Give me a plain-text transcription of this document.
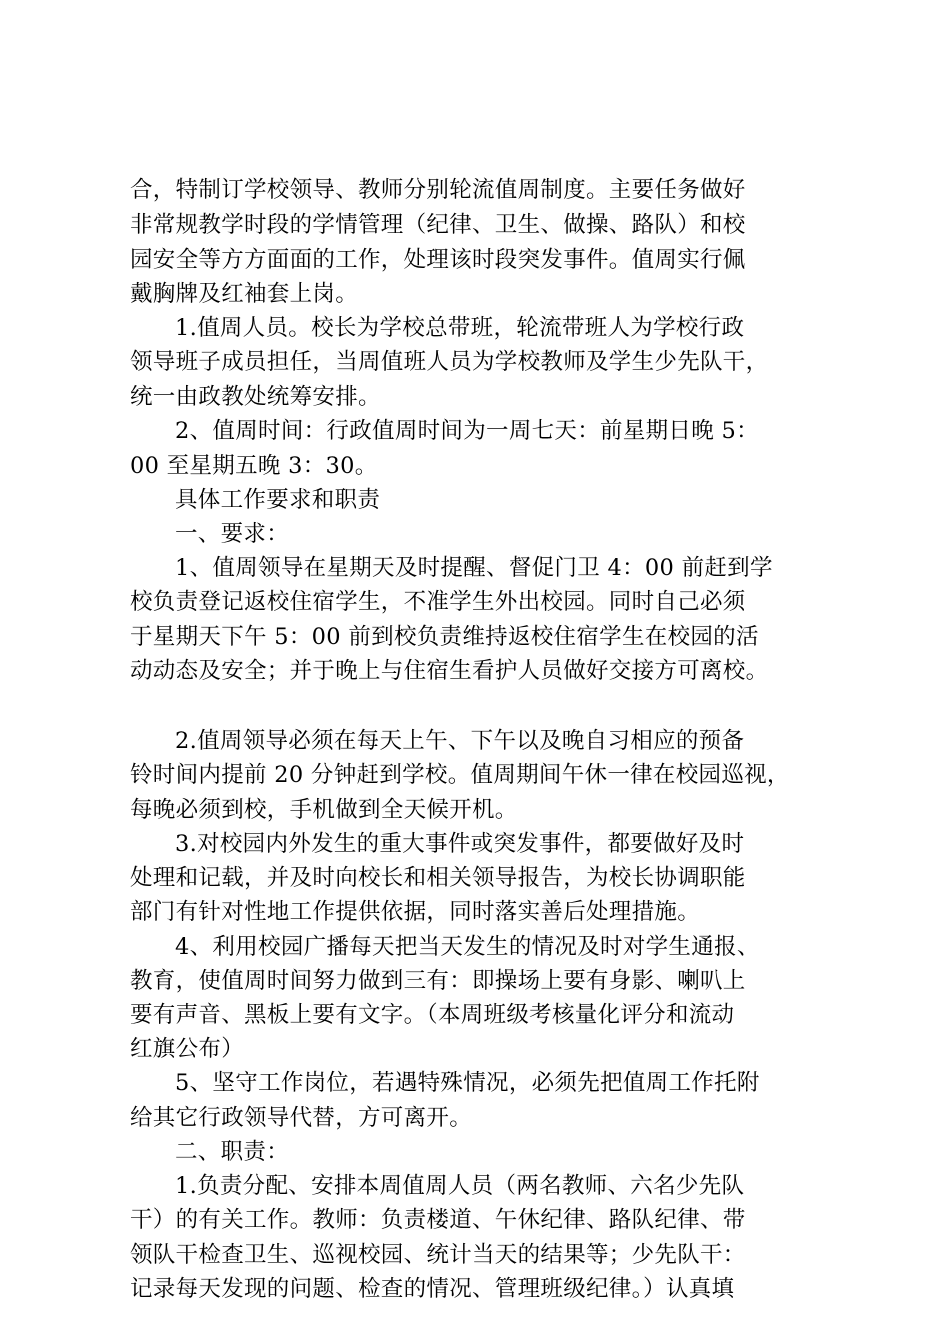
合，特制订学校领导、教师分别轮流值周制度。主要任务做好
非常规教学时段的学情管理（纪律、卫生、做操、路队）和校
园安全等方方面面的工作，处理该时段突发事件。值周实行佩
戴胸牌及红袖套上岗。
1.值周人员。校长为学校总带班，轮流带班人为学校行政
领导班子成员担任，当周值班人员为学校教师及学生少先队干，
统一由政教处统筹安排。
2、值周时间：行政值周时间为一周七天：前星期日晚 5：
00 至星期五晚 3：30。
具体工作要求和职责
一、要求：
1、值周领导在星期天及时提醒、督促门卫 4：00 前赶到学
校负责登记返校住宿学生，不准学生外出校园。同时自己必须
于星期天下午 5：00 前到校负责维持返校住宿学生在校园的活
动动态及安全；并于晚上与住宿生看护人员做好交接方可离校。
2.值周领导必须在每天上午、下午以及晚自习相应的预备
铃时间内提前 20 分钟赶到学校。值周期间午休一律在校园巡视，
每晚必须到校，手机做到全天候开机。
3.对校园内外发生的重大事件或突发事件，都要做好及时
处理和记载，并及时向校长和相关领导报告，为校长协调职能
部门有针对性地工作提供依据，同时落实善后处理措施。
4、利用校园广播每天把当天发生的情况及时对学生通报、
教育，使值周时间努力做到三有：即操场上要有身影、喇叭上
要有声音、黑板上要有文字。（本周班级考核量化评分和流动
红旗公布）
5、坚守工作岗位，若遇特殊情况，必须先把值周工作托附
给其它行政领导代替，方可离开。
二、职责：
1.负责分配、安排本周值周人员（两名教师、六名少先队
干）的有关工作。教师：负责楼道、午休纪律、路队纪律、带
领队干检查卫生、巡视校园、统计当天的结果等；少先队干：
记录每天发现的问题、检查的情况、管理班级纪律。）认真填
